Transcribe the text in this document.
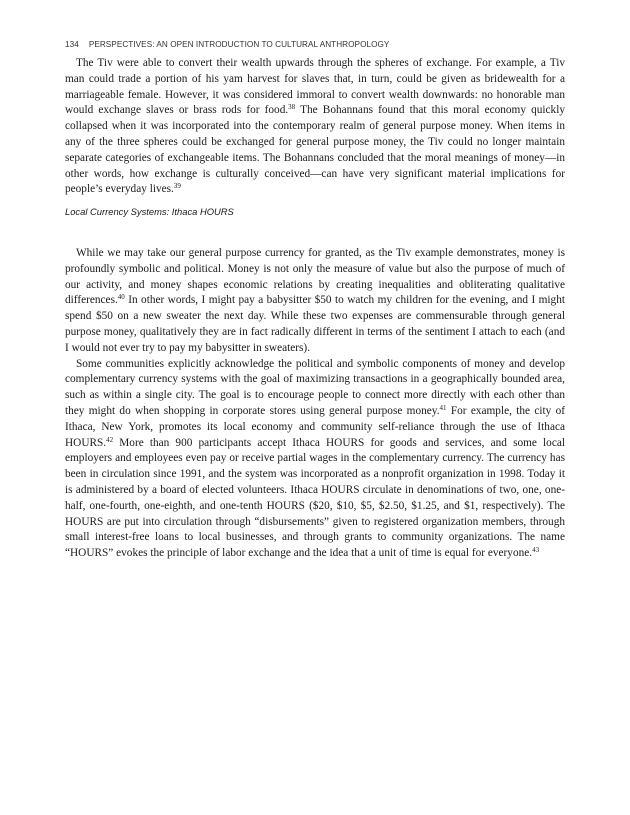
134 PERSPECTIVES: AN OPEN INTRODUCTION TO CULTURAL ANTHROPOLOGY

The Tiv were able to convert their wealth upwards through the spheres of exchange. For example, a Tiv man could trade a portion of his yam harvest for slaves that, in turn, could be given as bridewealth for a marriageable female. However, it was considered immoral to convert wealth downwards: no honorable man would exchange slaves or brass rods for food.$^{38}$ The Bohannans found that this moral economy quickly collapsed when it was incorporated into the contemporary realm of general purpose money. When items in any of the three spheres could be exchanged for general purpose money, the Tiv could no longer maintain separate categories of exchangeable items. The Bohannans concluded that the moral meanings of money—in other words, how exchange is culturally conceived—can have very significant material implications for people’s everyday lives.$^{39}$

Local Currency Systems: Ithaca HOURS

While we may take our general purpose currency for granted, as the Tiv example demonstrates, money is profoundly symbolic and political. Money is not only the measure of value but also the purpose of much of our activity, and money shapes economic relations by creating inequalities and obliterating qualitative differences.$^{40}$ In other words, I might pay a babysitter $50 to watch my children for the evening, and I might spend $50 on a new sweater the next day. While these two expenses are commensurable through general purpose money, qualitatively they are in fact radically different in terms of the sentiment I attach to each (and I would not ever try to pay my babysitter in sweaters).

Some communities explicitly acknowledge the political and symbolic components of money and develop complementary currency systems with the goal of maximizing transactions in a geographically bounded area, such as within a single city. The goal is to encourage people to connect more directly with each other than they might do when shopping in corporate stores using general purpose money.$^{41}$ For example, the city of Ithaca, New York, promotes its local economy and community self-reliance through the use of Ithaca HOURS.$^{42}$ More than 900 participants accept Ithaca HOURS for goods and services, and some local employers and employees even pay or receive partial wages in the complementary currency. The currency has been in circulation since 1991, and the system was incorporated as a nonprofit organization in 1998. Today it is administered by a board of elected volunteers. Ithaca HOURS circulate in denominations of two, one, one-half, one-fourth, one-eighth, and one-tenth HOURS ($20, $10, $5, $2.50, $1.25, and $1, respectively). The HOURS are put into circulation through “disbursements” given to registered organization members, through small interest-free loans to local businesses, and through grants to community organizations. The name “HOURS” evokes the principle of labor exchange and the idea that a unit of time is equal for everyone.$^{43}$
